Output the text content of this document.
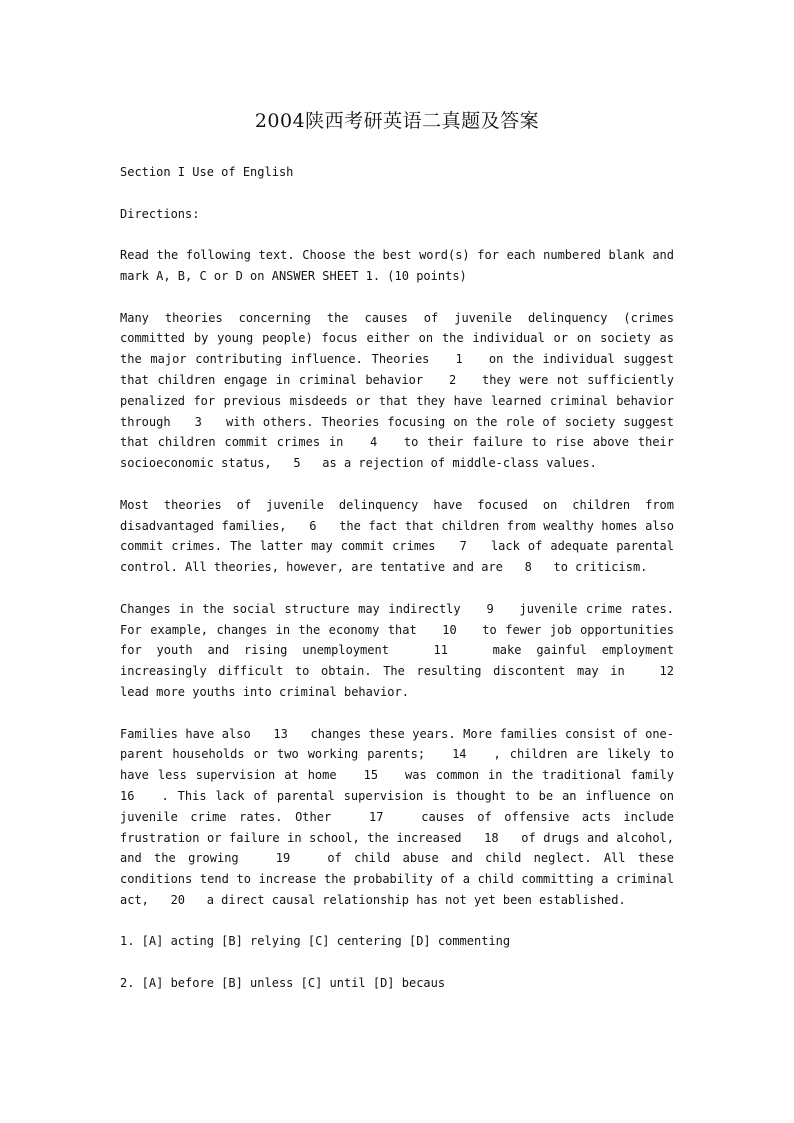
2004陕西考研英语二真题及答案

Section I Use of English

Directions:

Read the following text. Choose the best word(s) for each numbered blank and mark A, B, C or D on ANSWER SHEET 1. (10 points)

Many theories concerning the causes of juvenile delinquency (crimes committed by young people) focus either on the individual or on society as the major contributing influence. Theories   1   on the individual suggest that children engage in criminal behavior   2   they were not sufficiently penalized for previous misdeeds or that they have learned criminal behavior through   3   with others. Theories focusing on the role of society suggest that children commit crimes in   4   to their failure to rise above their socioeconomic status,   5   as a rejection of middle-class values.

Most theories of juvenile delinquency have focused on children from disadvantaged families,   6   the fact that children from wealthy homes also commit crimes. The latter may commit crimes   7   lack of adequate parental control. All theories, however, are tentative and are   8   to criticism.

Changes in the social structure may indirectly   9   juvenile crime rates. For example, changes in the economy that   10   to fewer job opportunities for youth and rising unemployment   11   make gainful employment increasingly difficult to obtain. The resulting discontent may in   12   lead more youths into criminal behavior.

Families have also   13   changes these years. More families consist of one-parent households or two working parents;   14   , children are likely to have less supervision at home   15   was common in the traditional family   16   . This lack of parental supervision is thought to be an influence on juvenile crime rates. Other   17   causes of offensive acts include frustration or failure in school, the increased   18   of drugs and alcohol, and the growing   19   of child abuse and child neglect. All these conditions tend to increase the probability of a child committing a criminal act,   20   a direct causal relationship has not yet been established.

1. [A] acting [B] relying [C] centering [D] commenting

2. [A] before [B] unless [C] until [D] becaus
